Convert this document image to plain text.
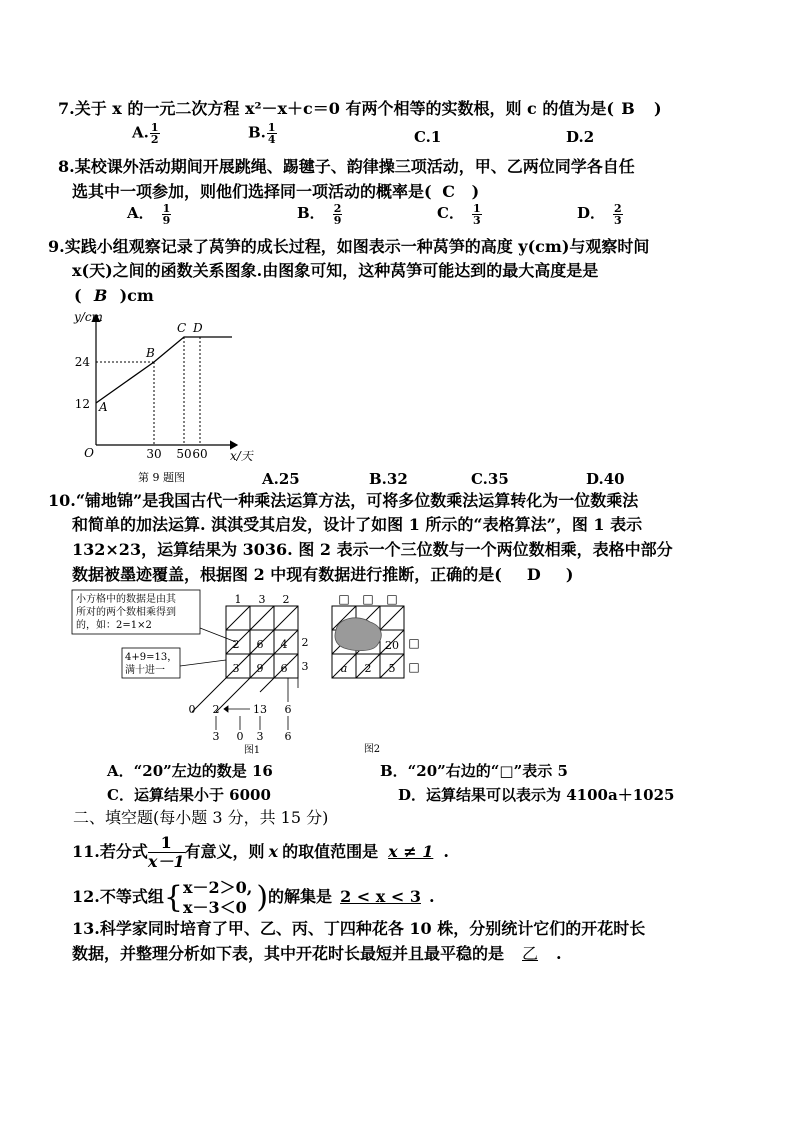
7.关于 x 的一元二次方程 x²－x＋c＝0 有两个相等的实数根，则 c 的值为是( B )
A. $\frac{1}{2}$	B. $\frac{1}{4}$	C.1	D.2
8.某校课外活动期间开展跳绳、踢毽子、韵律操三项活动，甲、乙两位同学各自任
选其中一项参加，则他们选择同一项活动的概率是( C )
A． $\frac{1}{9}$	B． $\frac{2}{9}$	C． $\frac{1}{3}$	D． $\frac{2}{3}$
9.实践小组观察记录了莴笋的成长过程，如图表示一种莴笋的高度 y(cm)与观察时间
x(天)之间的函数关系图象.由图象可知，这种莴笋可能达到的最大高度是是
( B )cm
y/cm
x/天
O
24
12
30 50 60
A
B
C D
第 9 题图	A.25	B.32	C.35	D.40
10.“铺地锦”是我国古代一种乘法运算方法，可将多位数乘法运算转化为一位数乘法
和简单的加法运算. 淇淇受其启发，设计了如图 1 所示的“表格算法”，图 1 表示
132×23，运算结果为 3036. 图 2 表示一个三位数与一个两位数相乘，表格中部分
数据被墨迹覆盖，根据图 2 中现有数据进行推断，正确的是( D )
小方格中的数据是由其
所对的两个数相乘得到
的，如：2=1×2
4+9=13，
满十进一
1 3 2
2
3
2 6 4
3 9 6
0 2	13 6
3 0 3 6
图1
□ □ □
□
□
20
a 2 5
图2
A．“20”左边的数是 16	B．“20”右边的“□”表示 5
C．运算结果小于 6000	D．运算结果可以表示为 4100a＋1025
二、填空题(每小题 3 分，共 15 分)
11.若分式 $\frac{1}{x-1}$ 有意义，则 x 的取值范围是 x ≠ 1 .
12.不等式组{ x－2＞0,
x－3＜0 )的解集是 2 < x < 3 .
13.科学家同时培育了甲、乙、丙、丁四种花各 10 株，分别统计它们的开花时长
数据，并整理分析如下表，其中开花时长最短并且最平稳的是 乙 .
